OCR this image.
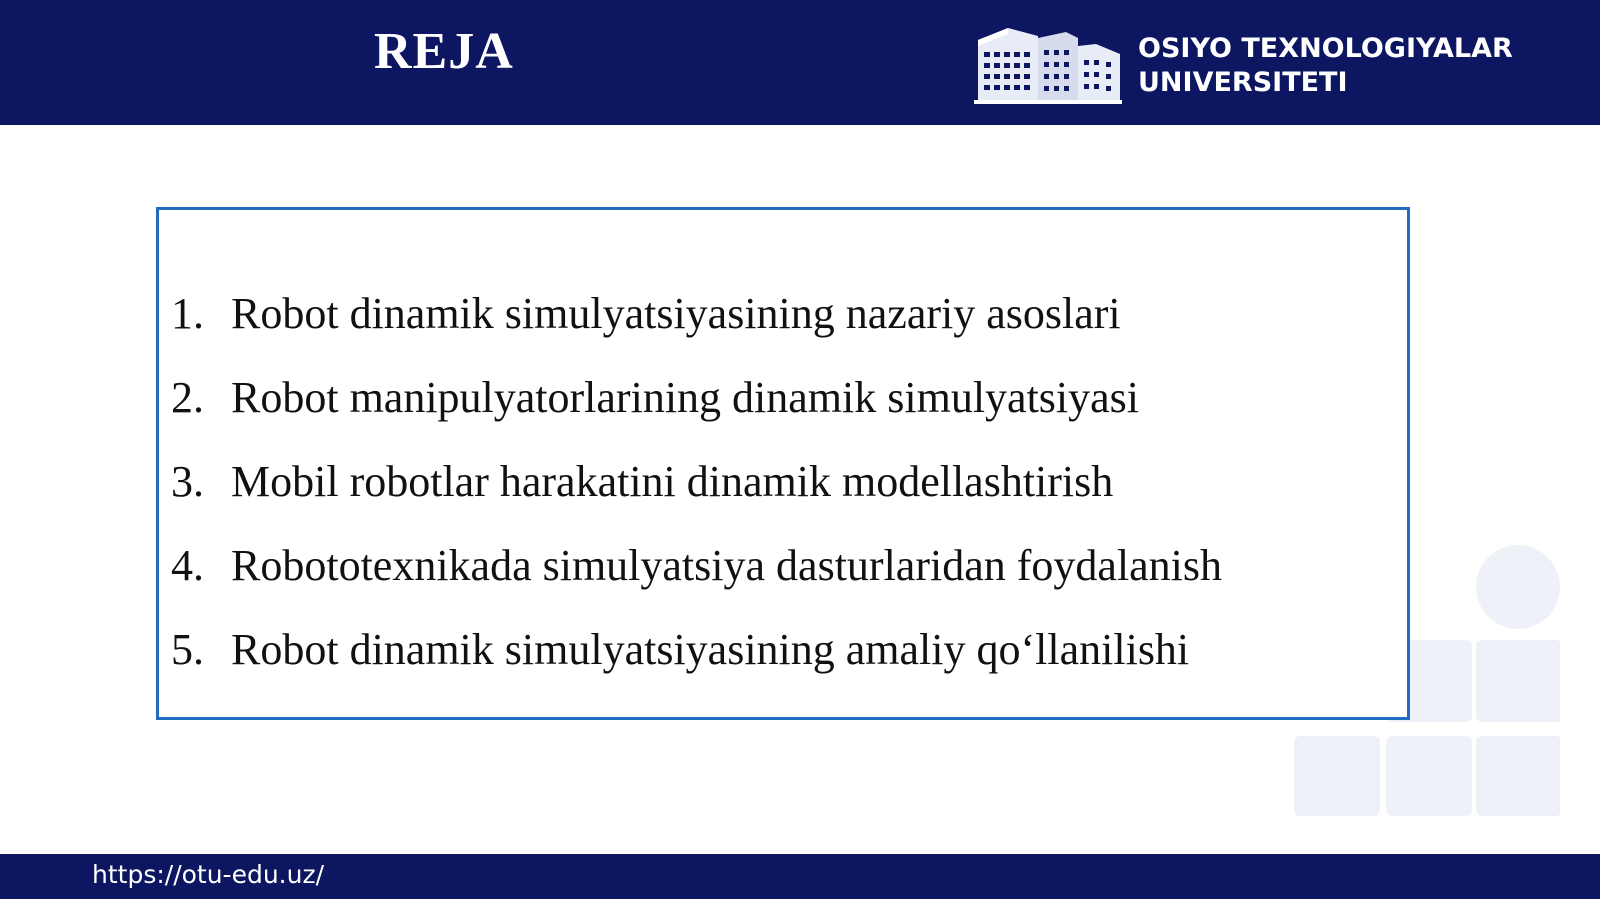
REJA	OSIYO TEXNOLOGIYALAR
UNIVERSITETI
1. Robot dinamik simulyatsiyasining nazariy asoslari
2. Robot manipulyatorlarining dinamik simulyatsiyasi
3. Mobil robotlar harakatini dinamik modellashtirish
4. Robototexnikada simulyatsiya dasturlaridan foydalanish
5. Robot dinamik simulyatsiyasining amaliy qo‘llanilishi
https://otu-edu.uz/
